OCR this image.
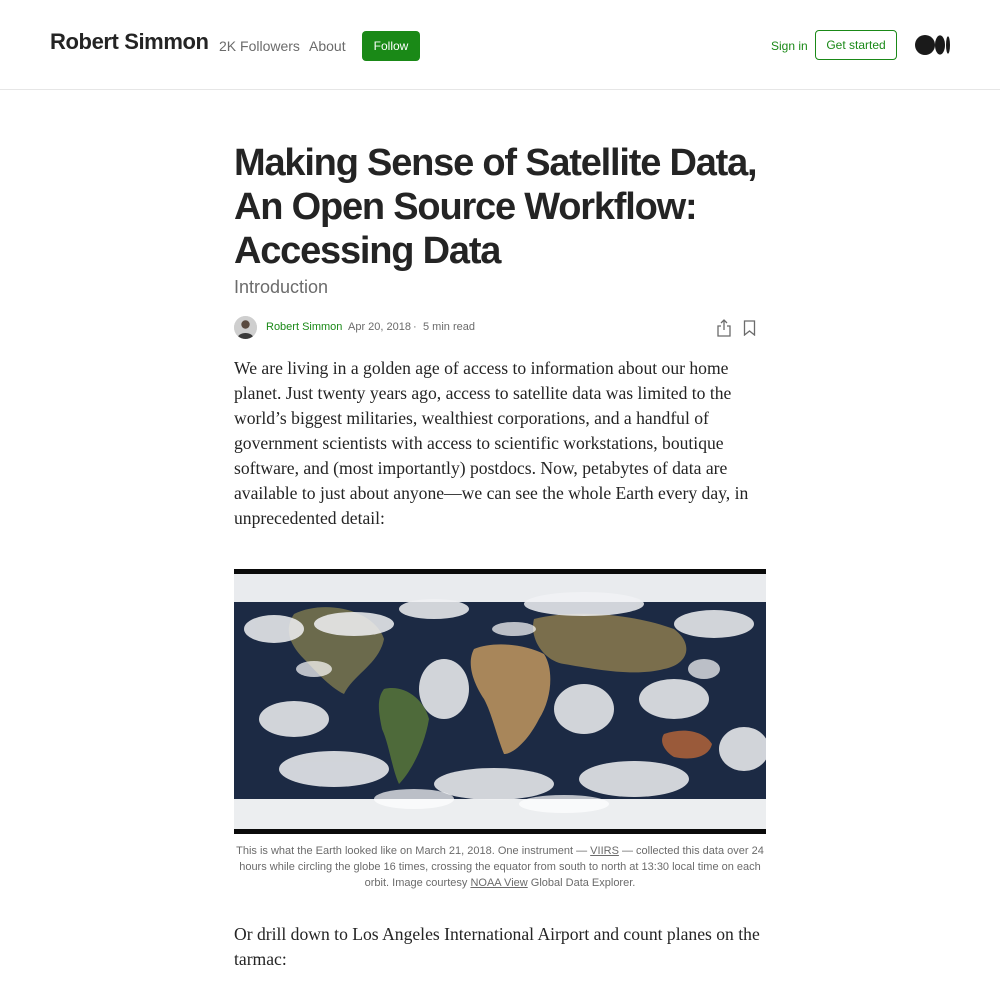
Robert Simmon 2K Followers About	Follow	Sign in	Get started
Making Sense of Satellite Data, An Open Source Workflow: Accessing Data
Introduction
Robert Simmon Apr 20, 2018 · 5 min read

We are living in a golden age of access to information about our home planet. Just twenty years ago, access to satellite data was limited to the world’s biggest militaries, wealthiest corporations, and a handful of government scientists with access to scientific workstations, boutique software, and (most importantly) postdocs. Now, petabytes of data are available to just about anyone—we can see the whole Earth every day, in unprecedented detail:

This is what the Earth looked like on March 21, 2018. One instrument — VIIRS — collected this data over 24 hours while circling the globe 16 times, crossing the equator from south to north at 13:30 local time on each orbit. Image courtesy NOAA View Global Data Explorer.

Or drill down to Los Angeles International Airport and count planes on the tarmac:
